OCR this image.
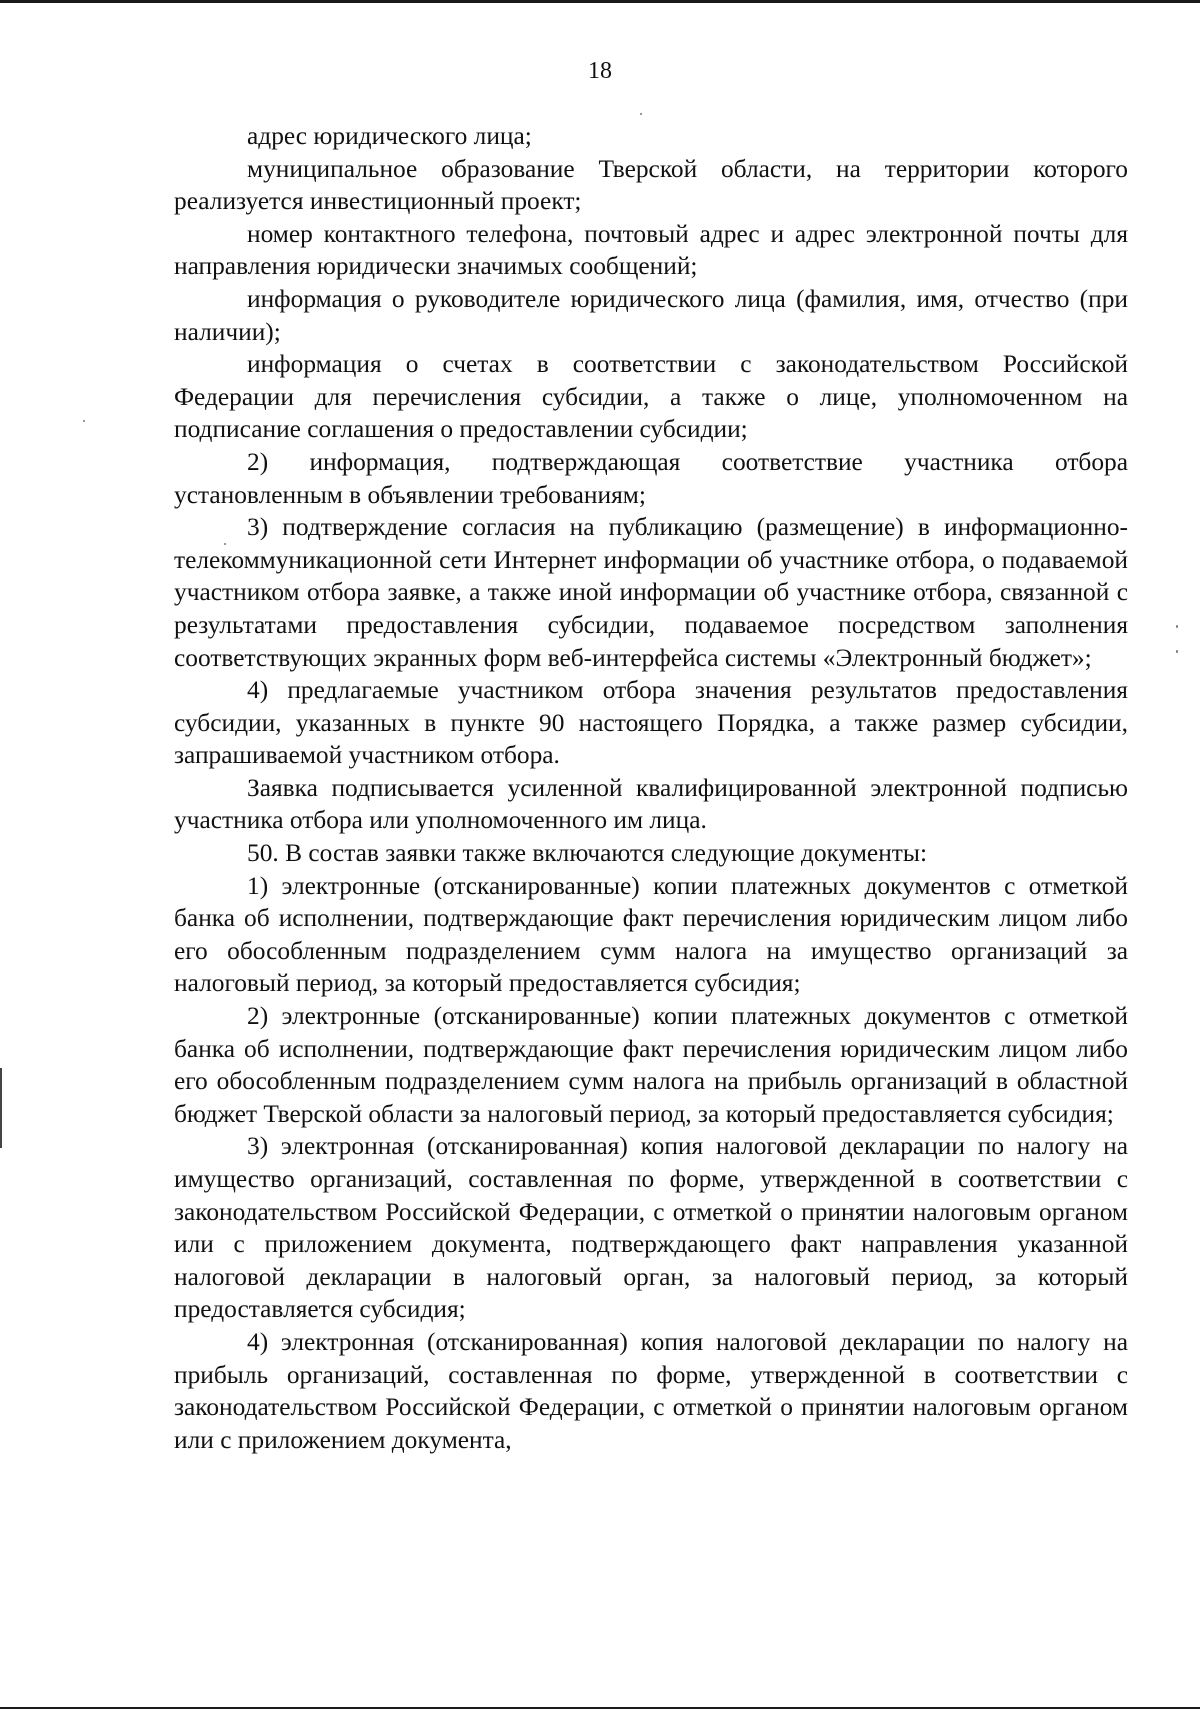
18

адрес юридического лица;

муниципальное образование Тверской области, на территории которого реализуется инвестиционный проект;

номер контактного телефона, почтовый адрес и адрес электронной почты для направления юридически значимых сообщений;

информация о руководителе юридического лица (фамилия, имя, отчество (при наличии);

информация о счетах в соответствии с законодательством Российской Федерации для перечисления субсидии, а также о лице, уполномоченном на подписание соглашения о предоставлении субсидии;

2) информация, подтверждающая соответствие участника отбора установленным в объявлении требованиям;

3) подтверждение согласия на публикацию (размещение) в информационно-телекоммуникационной сети Интернет информации об участнике отбора, о подаваемой участником отбора заявке, а также иной информации об участнике отбора, связанной с результатами предоставления субсидии, подаваемое посредством заполнения соответствующих экранных форм веб-интерфейса системы «Электронный бюджет»;

4) предлагаемые участником отбора значения результатов предоставления субсидии, указанных в пункте 90 настоящего Порядка, а также размер субсидии, запрашиваемой участником отбора.

Заявка подписывается усиленной квалифицированной электронной подписью участника отбора или уполномоченного им лица.

50. В состав заявки также включаются следующие документы:

1) электронные (отсканированные) копии платежных документов с отметкой банка об исполнении, подтверждающие факт перечисления юридическим лицом либо его обособленным подразделением сумм налога на имущество организаций за налоговый период, за который предоставляется субсидия;

2) электронные (отсканированные) копии платежных документов с отметкой банка об исполнении, подтверждающие факт перечисления юридическим лицом либо его обособленным подразделением сумм налога на прибыль организаций в областной бюджет Тверской области за налоговый период, за который предоставляется субсидия;

3) электронная (отсканированная) копия налоговой декларации по налогу на имущество организаций, составленная по форме, утвержденной в соответствии с законодательством Российской Федерации, с отметкой о принятии налоговым органом или с приложением документа, подтверждающего факт направления указанной налоговой декларации в налоговый орган, за налоговый период, за который предоставляется субсидия;

4) электронная (отсканированная) копия налоговой декларации по налогу на прибыль организаций, составленная по форме, утвержденной в соответствии с законодательством Российской Федерации, с отметкой о принятии налоговым органом или с приложением документа,
